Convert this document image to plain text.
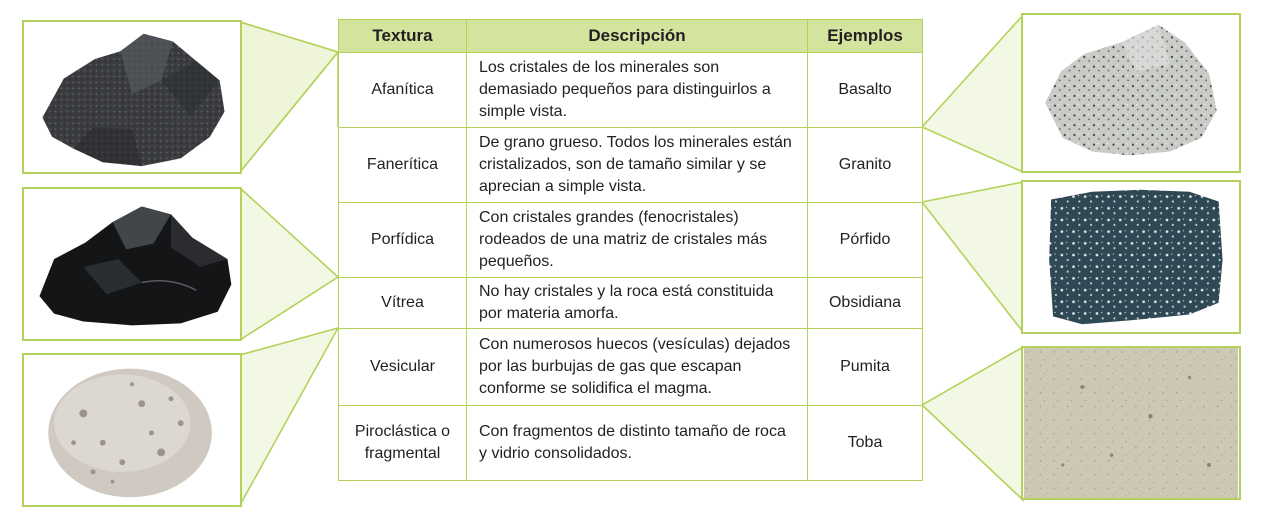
Textura	Descripción	Ejemplos
Afanítica	Los cristales de los minerales son demasiado pequeños para distinguirlos a simple vista.	Basalto
Fanerítica	De grano grueso. Todos los minerales están cristalizados, son de tamaño similar y se aprecian a simple vista.	Granito
Porfídica	Con cristales grandes (fenocristales) rodeados de una matriz de cristales más pequeños.	Pórfido
Vítrea	No hay cristales y la roca está constituida por materia amorfa.	Obsidiana
Vesicular	Con numerosos huecos (vesículas) dejados por las burbujas de gas que escapan conforme se solidifica el magma.	Pumita
Piroclástica o fragmental	Con fragmentos de distinto tamaño de roca y vidrio consolidados.	Toba
